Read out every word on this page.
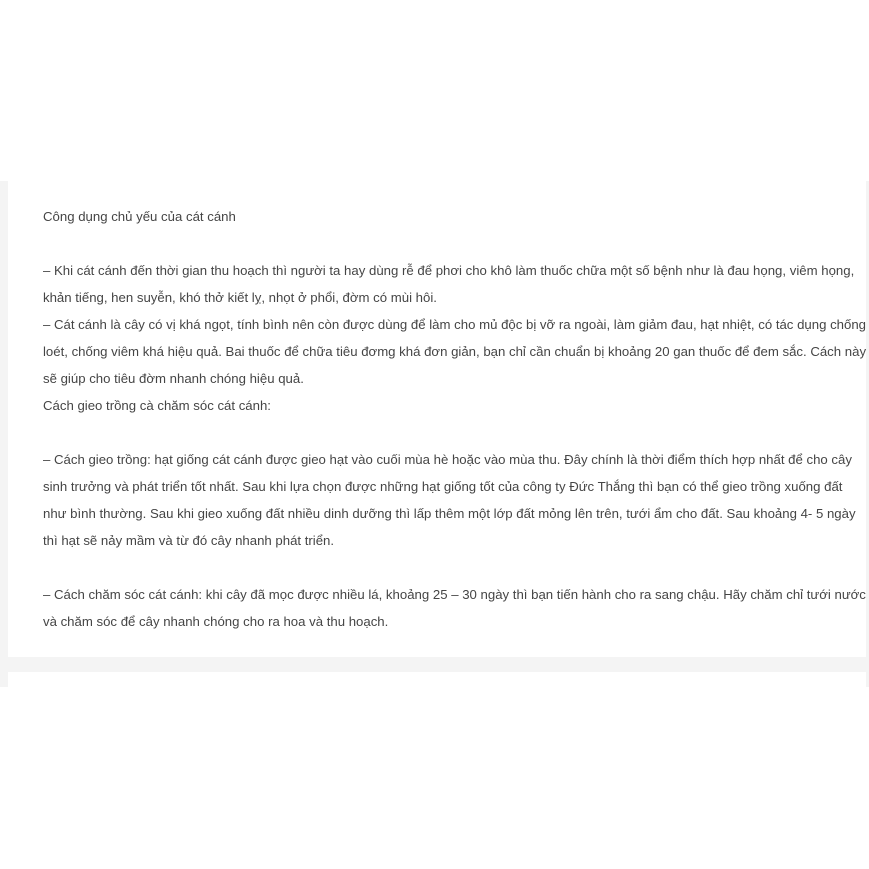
Công dụng chủ yếu của cát cánh

– Khi cát cánh đến thời gian thu hoạch thì người ta hay dùng rễ để phơi cho khô làm thuốc chữa một số bệnh như là đau họng, viêm họng,

khản tiếng, hen suyễn, khó thở kiết lỵ, nhọt ở phổi, đờm có mùi hôi.

– Cát cánh là cây có vị khá ngọt, tính bình nên còn được dùng để làm cho mủ độc bị vỡ ra ngoài, làm giảm đau, hạt nhiệt, có tác dụng chống

loét, chống viêm khá hiệu quả. Bai thuốc để chữa tiêu đơmg khá đơn giản, bạn chỉ cần chuẩn bị khoảng 20 gan thuốc để đem sắc. Cách này

sẽ giúp cho tiêu đờm nhanh chóng hiệu quả.

Cách gieo trồng cà chăm sóc cát cánh:

– Cách gieo trồng: hạt giống cát cánh được gieo hạt vào cuối mùa hè hoặc vào mùa thu. Đây chính là thời điểm thích hợp nhất để cho cây

sinh trưởng và phát triển tốt nhất. Sau khi lựa chọn được những hạt giống tốt của công ty Đức Thắng thì bạn có thể gieo trồng xuống đất

như bình thường. Sau khi gieo xuống đất nhiều dinh dưỡng thì lấp thêm một lớp đất mỏng lên trên, tưới ẩm cho đất. Sau khoảng 4- 5 ngày

thì hạt sẽ nảy mầm và từ đó cây nhanh phát triển.

– Cách chăm sóc cát cánh: khi cây đã mọc được nhiều lá, khoảng 25 – 30 ngày thì bạn tiến hành cho ra sang chậu. Hãy chăm chỉ tưới nước

và chăm sóc để cây nhanh chóng cho ra hoa và thu hoạch.
